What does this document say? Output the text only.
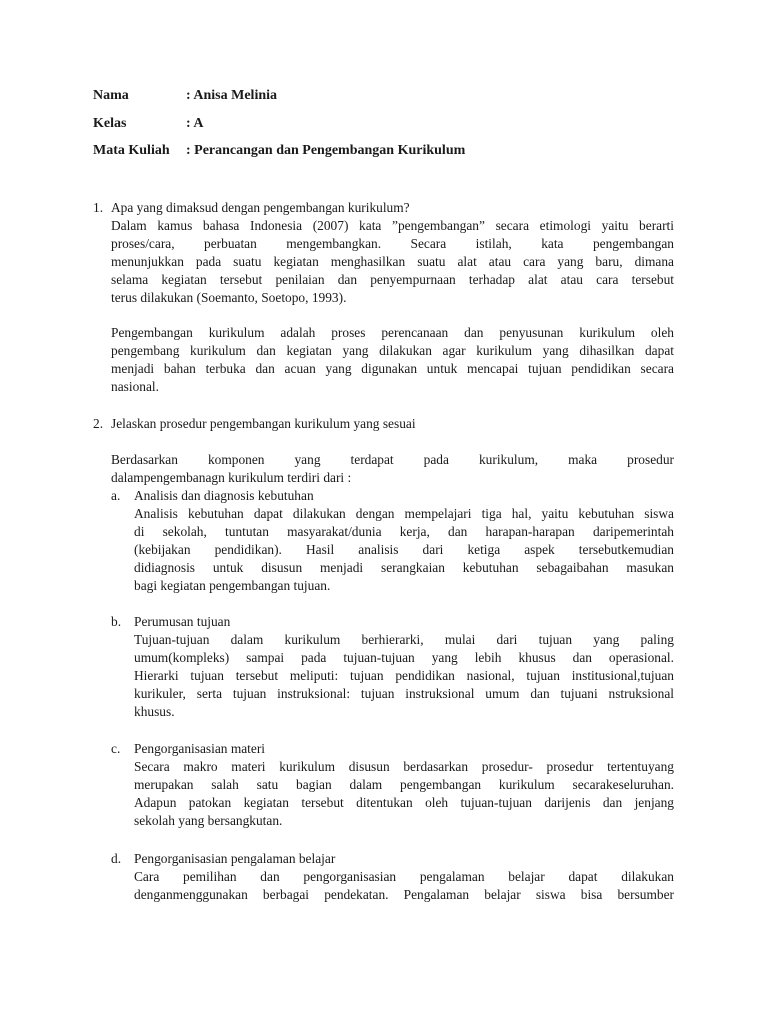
Nama	: Anisa Melinia
Kelas	: A
Mata Kuliah : Perancangan dan Pengembangan Kurikulum
1. Apa yang dimaksud dengan pengembangan kurikulum?
Dalam kamus bahasa Indonesia (2007) kata ”pengembangan” secara etimologi yaitu berarti
proses/cara, perbuatan mengembangkan. Secara istilah, kata pengembangan
menunjukkan pada suatu kegiatan menghasilkan suatu alat atau cara yang baru, dimana
selama kegiatan tersebut penilaian dan penyempurnaan terhadap alat atau cara tersebut
terus dilakukan (Soemanto, Soetopo, 1993).
Pengembangan kurikulum adalah proses perencanaan dan penyusunan kurikulum oleh
pengembang kurikulum dan kegiatan yang dilakukan agar kurikulum yang dihasilkan dapat
menjadi bahan terbuka dan acuan yang digunakan untuk mencapai tujuan pendidikan secara
nasional.
2. Jelaskan prosedur pengembangan kurikulum yang sesuai
Berdasarkan komponen yang terdapat pada kurikulum, maka prosedur
dalampengembanagn kurikulum terdiri dari :
a. Analisis dan diagnosis kebutuhan
Analisis kebutuhan dapat dilakukan dengan mempelajari tiga hal, yaitu kebutuhan siswa
di sekolah, tuntutan masyarakat/dunia kerja, dan harapan-harapan daripemerintah
(kebijakan pendidikan). Hasil analisis dari ketiga aspek tersebutkemudian
didiagnosis untuk disusun menjadi serangkaian kebutuhan sebagaibahan masukan
bagi kegiatan pengembangan tujuan.
b. Perumusan tujuan
Tujuan-tujuan dalam kurikulum berhierarki, mulai dari tujuan yang paling
umum(kompleks) sampai pada tujuan-tujuan yang lebih khusus dan operasional.
Hierarki tujuan tersebut meliputi: tujuan pendidikan nasional, tujuan institusional,tujuan
kurikuler, serta tujuan instruksional: tujuan instruksional umum dan tujuani nstruksional
khusus.
c. Pengorganisasian materi
Secara makro materi kurikulum disusun berdasarkan prosedur- prosedur tertentuyang
merupakan salah satu bagian dalam pengembangan kurikulum secarakeseluruhan.
Adapun patokan kegiatan tersebut ditentukan oleh tujuan-tujuan darijenis dan jenjang
sekolah yang bersangkutan.
d. Pengorganisasian pengalaman belajar
Cara pemilihan dan pengorganisasian pengalaman belajar dapat dilakukan
denganmenggunakan berbagai pendekatan. Pengalaman belajar siswa bisa bersumber
